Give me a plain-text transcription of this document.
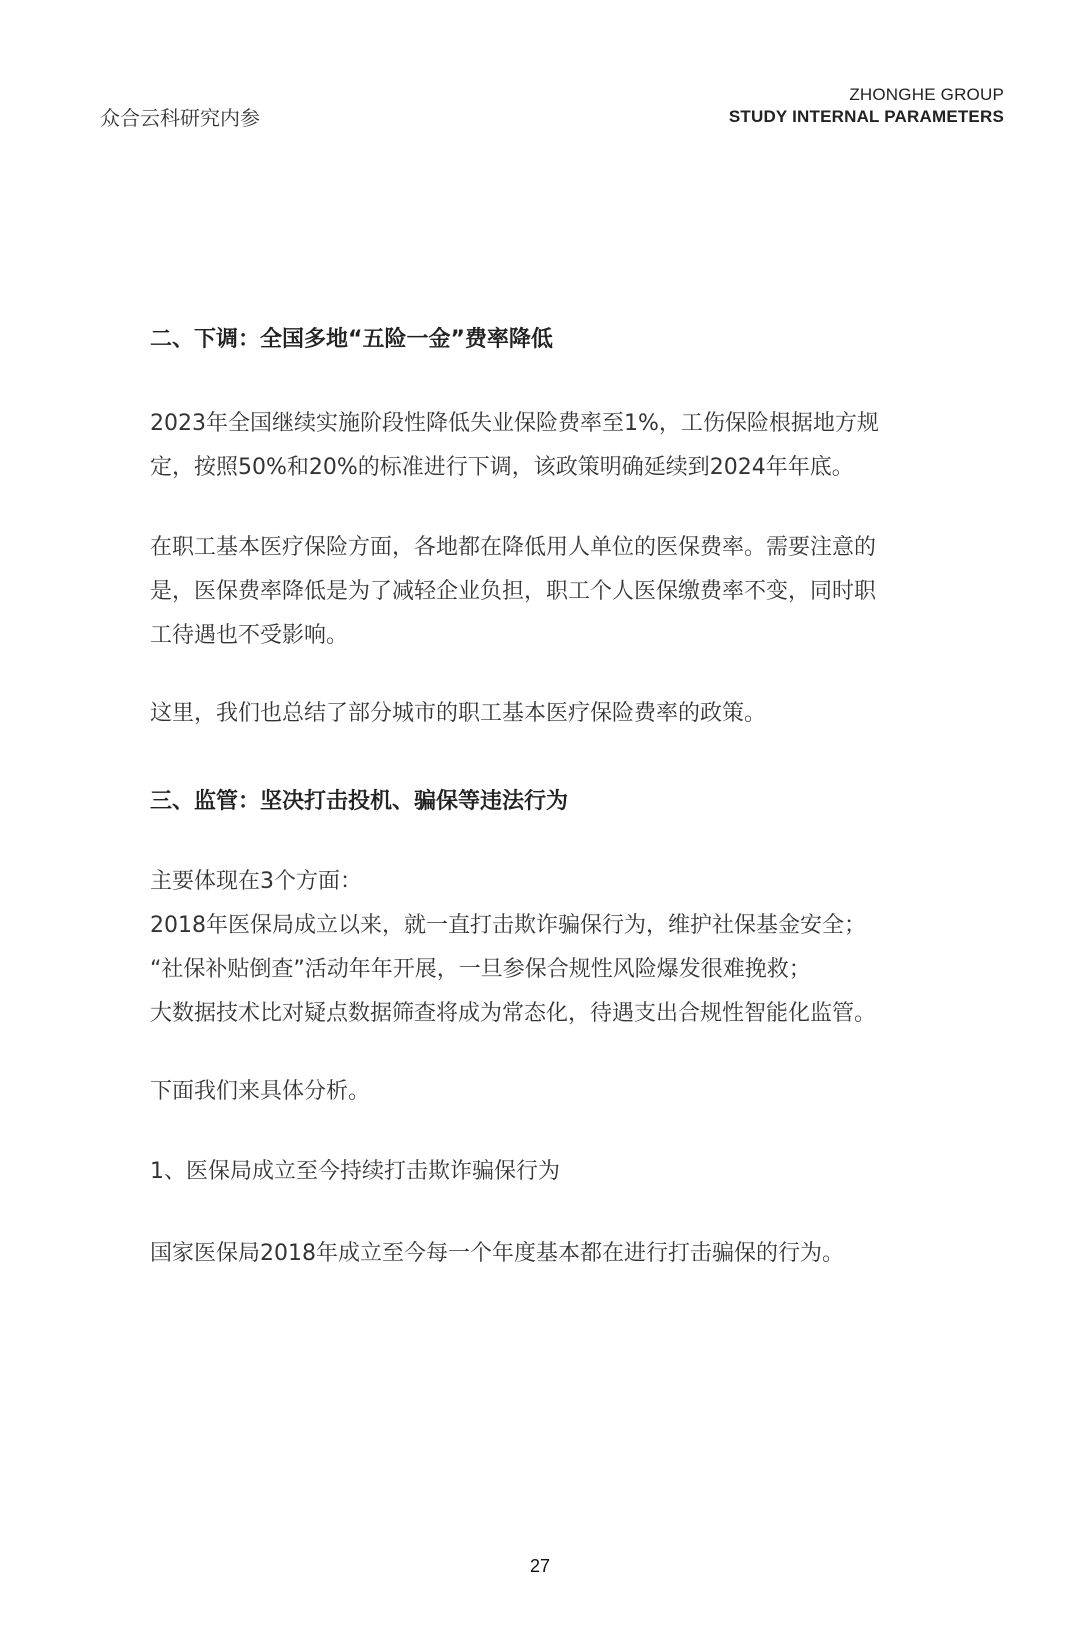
众合云科研究内参
ZHONGHE GROUP
STUDY INTERNAL PARAMETERS
二、下调：全国多地“五险一金”费率降低
2023年全国继续实施阶段性降低失业保险费率至1%，工伤保险根据地方规
定，按照50%和20%的标准进行下调，该政策明确延续到2024年年底。
在职工基本医疗保险方面，各地都在降低用人单位的医保费率。需要注意的
是，医保费率降低是为了减轻企业负担，职工个人医保缴费率不变，同时职
工待遇也不受影响。
这里，我们也总结了部分城市的职工基本医疗保险费率的政策。
三、监管：坚决打击投机、骗保等违法行为
主要体现在3个方面：
2018年医保局成立以来，就一直打击欺诈骗保行为，维护社保基金安全；
“社保补贴倒查”活动年年开展，一旦参保合规性风险爆发很难挽救；
大数据技术比对疑点数据筛查将成为常态化，待遇支出合规性智能化监管。
下面我们来具体分析。
1、医保局成立至今持续打击欺诈骗保行为
国家医保局2018年成立至今每一个年度基本都在进行打击骗保的行为。
27
